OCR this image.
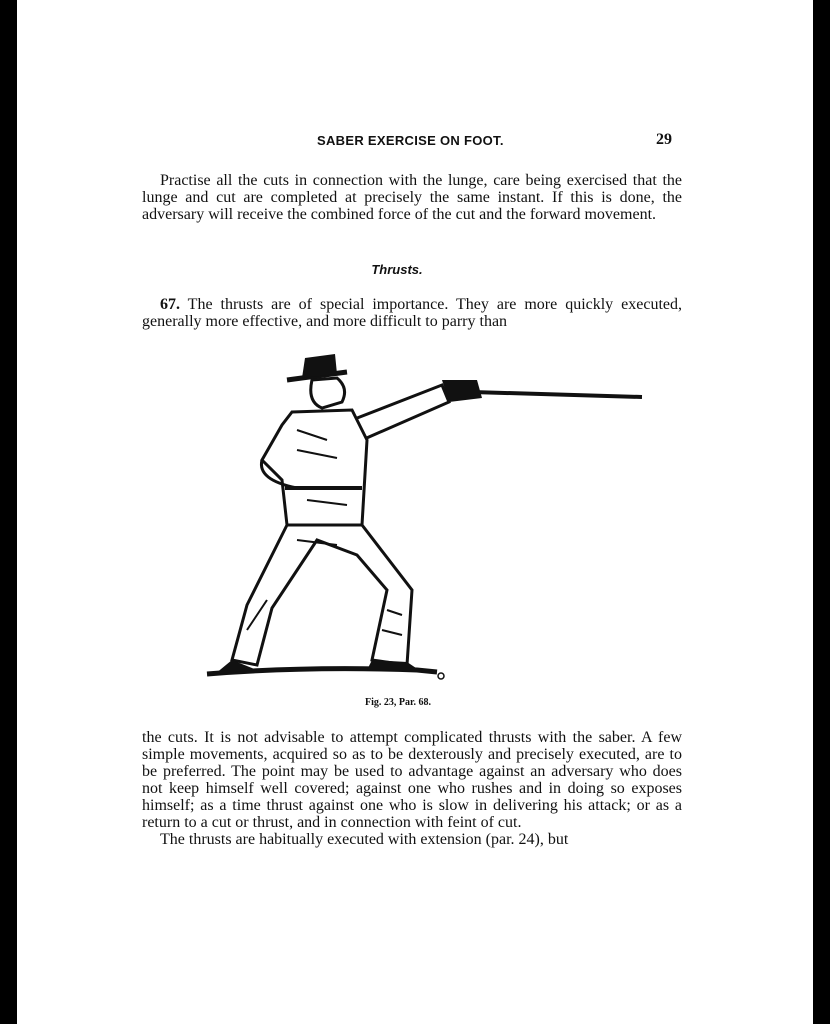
SABER EXERCISE ON FOOT.	29

Practise all the cuts in connection with the lunge, care being exercised that the lunge and cut are completed at precisely the same instant. If this is done, the adversary will receive the combined force of the cut and the forward movement.

Thrusts.

67. The thrusts are of special importance. They are more quickly executed, generally more effective, and more difficult to parry than

Fig. 23, Par. 68.

the cuts. It is not advisable to attempt complicated thrusts with the saber. A few simple movements, acquired so as to be dexterously and precisely executed, are to be preferred. The point may be used to advantage against an adversary who does not keep himself well covered; against one who rushes and in doing so exposes himself; as a time thrust against one who is slow in delivering his attack; or as a return to a cut or thrust, and in connection with feint of cut.

The thrusts are habitually executed with extension (par. 24), but
